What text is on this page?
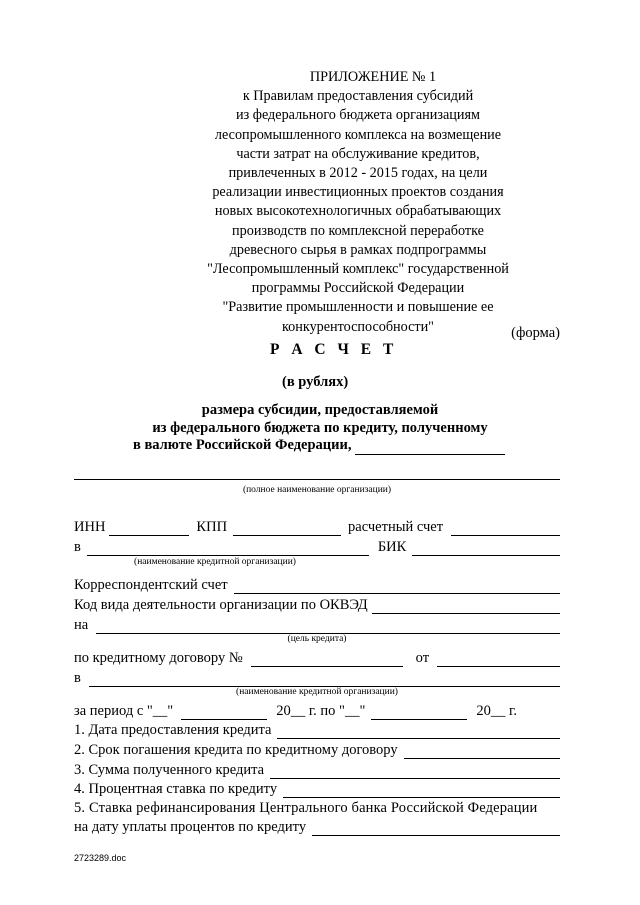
ПРИЛОЖЕНИЕ № 1
к Правилам предоставления субсидий
из федерального бюджета организациям
лесопромышленного комплекса на возмещение
части затрат на обслуживание кредитов,
привлеченных в 2012 - 2015 годах, на цели
реализации инвестиционных проектов создания
новых высокотехнологичных обрабатывающих
производств по комплексной переработке
древесного сырья в рамках подпрограммы
"Лесопромышленный комплекс" государственной
программы Российской Федерации
"Развитие промышленности и повышение ее
конкурентоспособности"	(форма)
Р А С Ч Е Т
(в рублях)
размера субсидии, предоставляемой
из федерального бюджета по кредиту, полученному
в валюте Российской Федерации,
(полное наименование организации)
ИНН	КПП	расчетный счет
в	БИК
(наименование кредитной организации)
Корреспондентский счет
Код вида деятельности организации по ОКВЭД
на
(цель кредита)
по кредитному договору №	от
в
(наименование кредитной организации)
за период с "__"	20__ г. по "__"	20__ г.
1. Дата предоставления кредита
2. Срок погашения кредита по кредитному договору
3. Сумма полученного кредита
4. Процентная ставка по кредиту
5. Ставка рефинансирования Центрального банка Российской Федерации
на дату уплаты процентов по кредиту
2723289.doc
